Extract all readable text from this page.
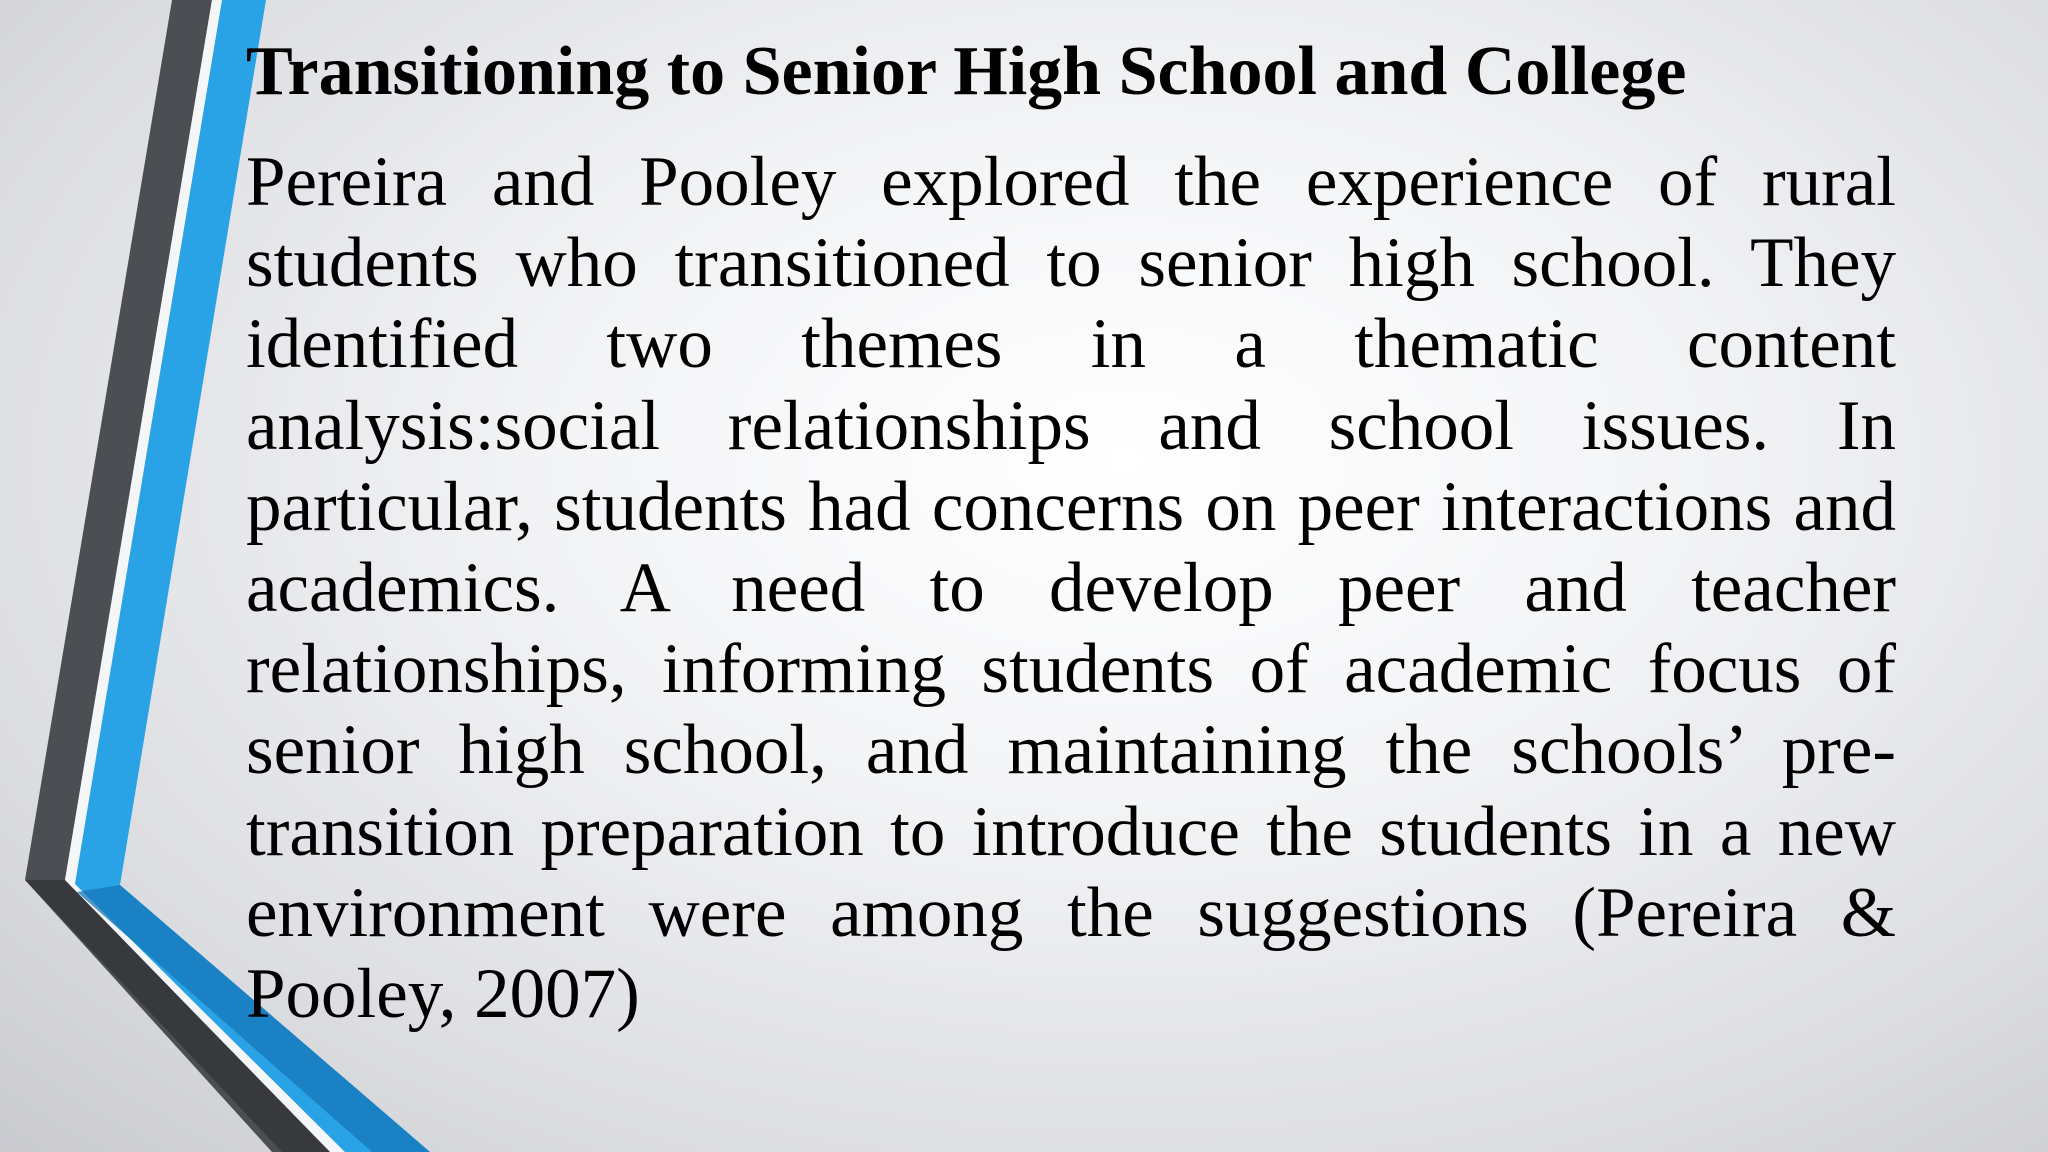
Transitioning to Senior High School and College

Pereira and Pooley explored the experience of rural students who transitioned to senior high school. They identified two themes in a thematic content analysis:social relationships and school issues. In particular, students had concerns on peer interactions and academics. A need to develop peer and teacher relationships, informing students of academic focus of senior high school, and maintaining the schools’ pre-transition preparation to introduce the students in a new environment were among the suggestions (Pereira & Pooley, 2007)
